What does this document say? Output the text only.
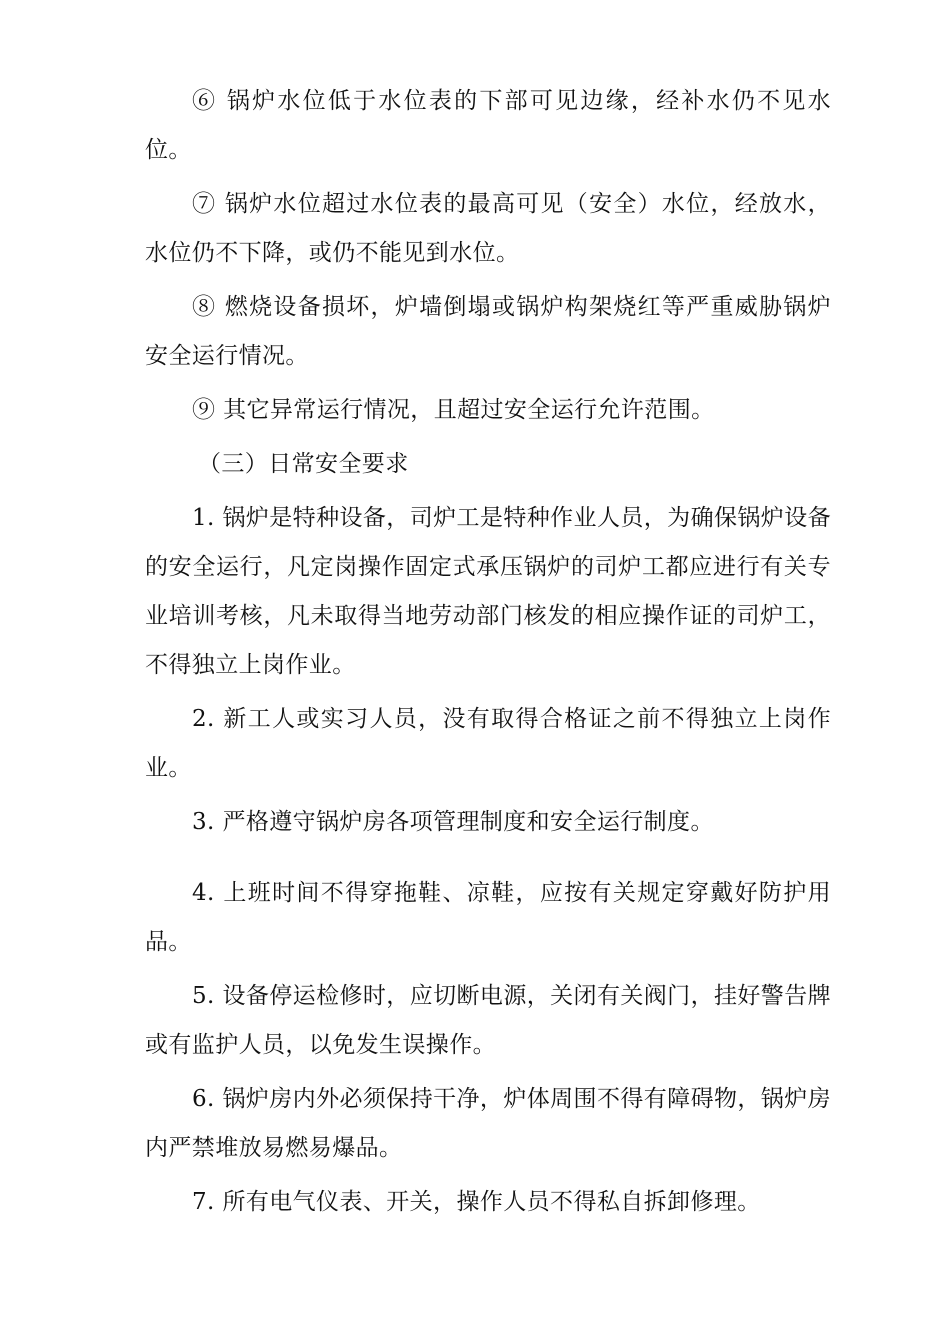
⑥ 锅炉水位低于水位表的下部可见边缘，经补水仍不见水位。

⑦ 锅炉水位超过水位表的最高可见（安全）水位，经放水，水位仍不下降，或仍不能见到水位。

⑧ 燃烧设备损坏，炉墙倒塌或锅炉构架烧红等严重威胁锅炉安全运行情况。

⑨ 其它异常运行情况，且超过安全运行允许范围。

（三）日常安全要求

1. 锅炉是特种设备，司炉工是特种作业人员，为确保锅炉设备的安全运行，凡定岗操作固定式承压锅炉的司炉工都应进行有关专业培训考核，凡未取得当地劳动部门核发的相应操作证的司炉工，不得独立上岗作业。

2. 新工人或实习人员，没有取得合格证之前不得独立上岗作业。

3. 严格遵守锅炉房各项管理制度和安全运行制度。

4. 上班时间不得穿拖鞋、凉鞋，应按有关规定穿戴好防护用品。

5. 设备停运检修时，应切断电源，关闭有关阀门，挂好警告牌或有监护人员，以免发生误操作。

6. 锅炉房内外必须保持干净，炉体周围不得有障碍物，锅炉房内严禁堆放易燃易爆品。

7. 所有电气仪表、开关，操作人员不得私自拆卸修理。
